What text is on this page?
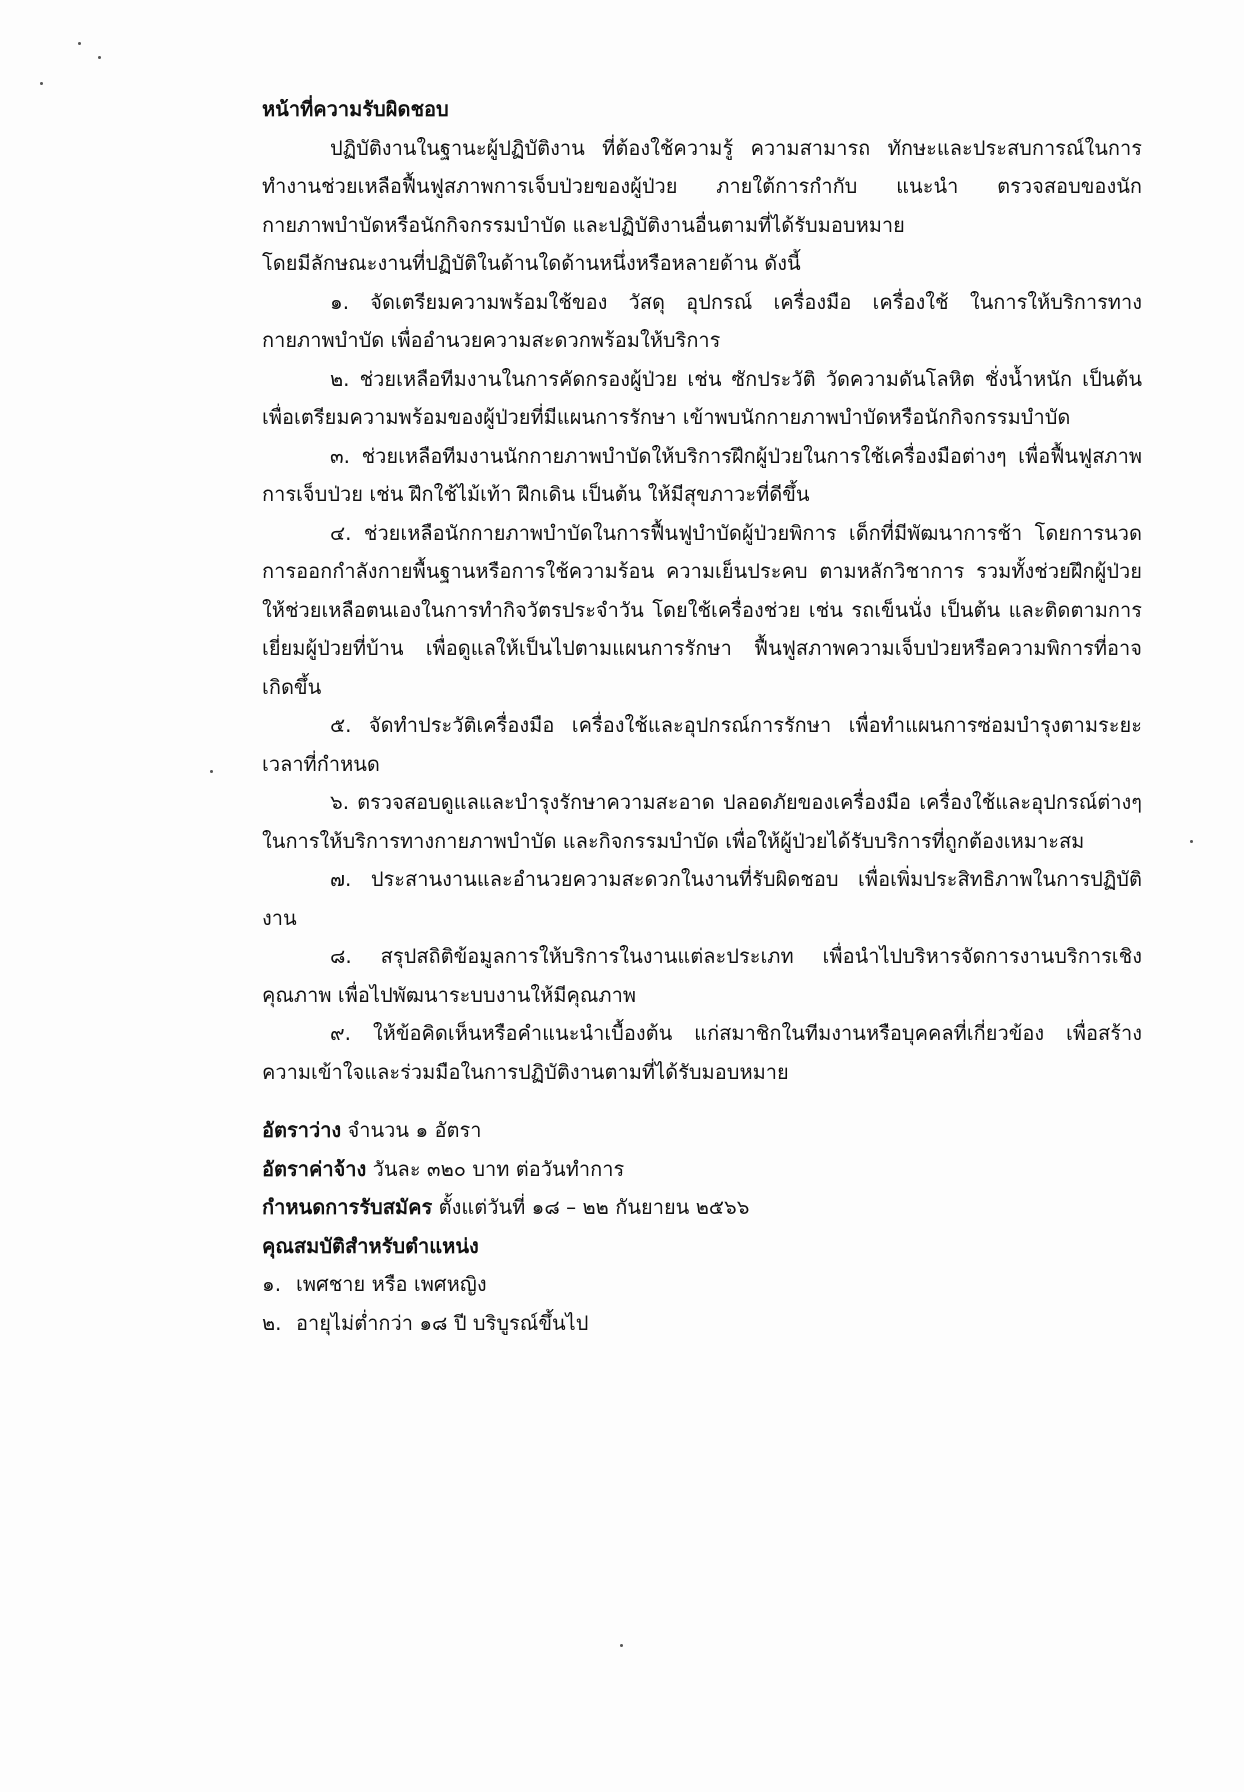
หน้าที่ความรับผิดชอบ

ปฏิบัติงานในฐานะผู้ปฏิบัติงาน ที่ต้องใช้ความรู้ ความสามารถ ทักษะและประสบการณ์ในการทำงานช่วยเหลือฟื้นฟูสภาพการเจ็บป่วยของผู้ป่วย ภายใต้การกำกับ แนะนำ ตรวจสอบของนักกายภาพบำบัดหรือนักกิจกรรมบำบัด และปฏิบัติงานอื่นตามที่ได้รับมอบหมาย

โดยมีลักษณะงานที่ปฏิบัติในด้านใดด้านหนึ่งหรือหลายด้าน ดังนี้

๑. จัดเตรียมความพร้อมใช้ของ วัสดุ อุปกรณ์ เครื่องมือ เครื่องใช้ ในการให้บริการทางกายภาพบำบัด เพื่ออำนวยความสะดวกพร้อมให้บริการ

๒. ช่วยเหลือทีมงานในการคัดกรองผู้ป่วย เช่น ซักประวัติ วัดความดันโลหิต ชั่งน้ำหนัก เป็นต้น เพื่อเตรียมความพร้อมของผู้ป่วยที่มีแผนการรักษา เข้าพบนักกายภาพบำบัดหรือนักกิจกรรมบำบัด

๓. ช่วยเหลือทีมงานนักกายภาพบำบัดให้บริการฝึกผู้ป่วยในการใช้เครื่องมือต่างๆ เพื่อฟื้นฟูสภาพการเจ็บป่วย เช่น ฝึกใช้ไม้เท้า ฝึกเดิน เป็นต้น ให้มีสุขภาวะที่ดีขึ้น

๔. ช่วยเหลือนักกายภาพบำบัดในการฟื้นฟูบำบัดผู้ป่วยพิการ เด็กที่มีพัฒนาการช้า โดยการนวดการออกกำลังกายพื้นฐานหรือการใช้ความร้อน ความเย็นประคบ ตามหลักวิชาการ รวมทั้งช่วยฝึกผู้ป่วยให้ช่วยเหลือตนเองในการทำกิจวัตรประจำวัน โดยใช้เครื่องช่วย เช่น รถเข็นนั่ง เป็นต้น และติดตามการเยี่ยมผู้ป่วยที่บ้าน เพื่อดูแลให้เป็นไปตามแผนการรักษา ฟื้นฟูสภาพความเจ็บป่วยหรือความพิการที่อาจเกิดขึ้น

๕. จัดทำประวัติเครื่องมือ เครื่องใช้และอุปกรณ์การรักษา เพื่อทำแผนการซ่อมบำรุงตามระยะเวลาที่กำหนด

๖. ตรวจสอบดูแลและบำรุงรักษาความสะอาด ปลอดภัยของเครื่องมือ เครื่องใช้และอุปกรณ์ต่างๆ ในการให้บริการทางกายภาพบำบัด และกิจกรรมบำบัด เพื่อให้ผู้ป่วยได้รับบริการที่ถูกต้องเหมาะสม

๗. ประสานงานและอำนวยความสะดวกในงานที่รับผิดชอบ เพื่อเพิ่มประสิทธิภาพในการปฏิบัติงาน

๘. สรุปสถิติข้อมูลการให้บริการในงานแต่ละประเภท เพื่อนำไปบริหารจัดการงานบริการเชิงคุณภาพ เพื่อไปพัฒนาระบบงานให้มีคุณภาพ

๙. ให้ข้อคิดเห็นหรือคำแนะนำเบื้องต้น แก่สมาชิกในทีมงานหรือบุคคลที่เกี่ยวข้อง เพื่อสร้างความเข้าใจและร่วมมือในการปฏิบัติงานตามที่ได้รับมอบหมาย

อัตราว่าง จำนวน ๑ อัตรา

อัตราค่าจ้าง วันละ ๓๒๐ บาท ต่อวันทำการ

กำหนดการรับสมัคร ตั้งแต่วันที่ ๑๘ – ๒๒ กันยายน ๒๕๖๖

คุณสมบัติสำหรับตำแหน่ง

๑. เพศชาย หรือ เพศหญิง

๒. อายุไม่ต่ำกว่า ๑๘ ปี บริบูรณ์ขึ้นไป
